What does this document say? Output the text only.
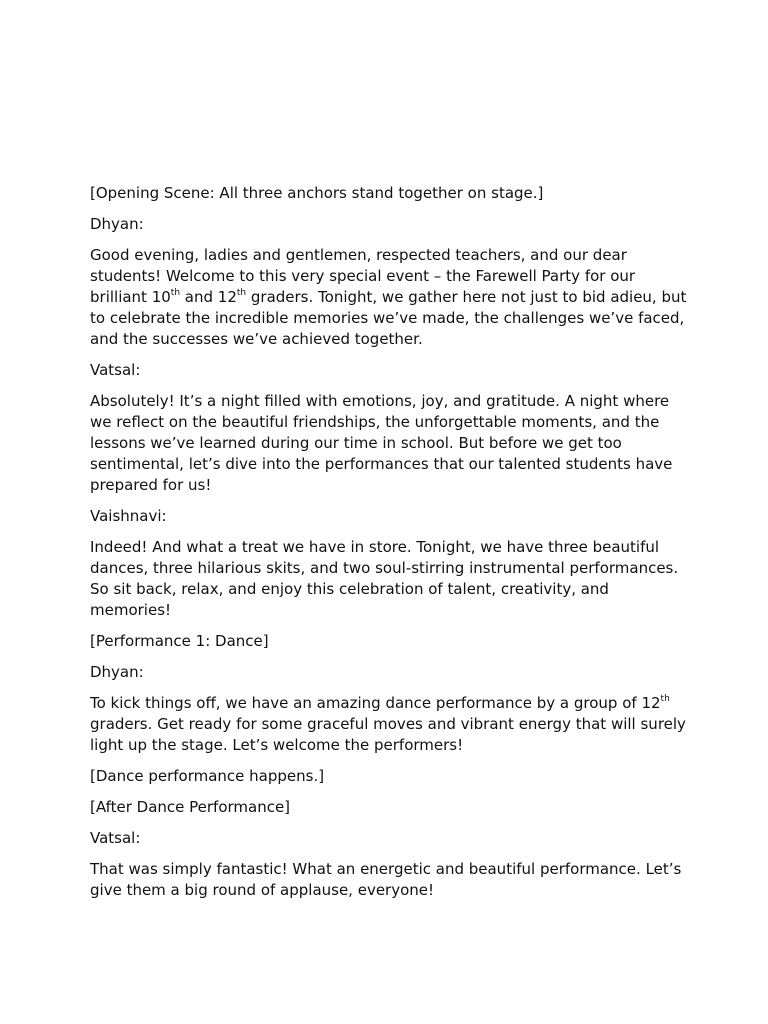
[Opening Scene: All three anchors stand together on stage.]

Dhyan:

Good evening, ladies and gentlemen, respected teachers, and our dear students! Welcome to this very special event – the Farewell Party for our brilliant 10th and 12th graders. Tonight, we gather here not just to bid adieu, but to celebrate the incredible memories we’ve made, the challenges we’ve faced, and the successes we’ve achieved together.

Vatsal:

Absolutely! It’s a night filled with emotions, joy, and gratitude. A night where we reflect on the beautiful friendships, the unforgettable moments, and the lessons we’ve learned during our time in school. But before we get too sentimental, let’s dive into the performances that our talented students have prepared for us!

Vaishnavi:

Indeed! And what a treat we have in store. Tonight, we have three beautiful dances, three hilarious skits, and two soul-stirring instrumental performances. So sit back, relax, and enjoy this celebration of talent, creativity, and memories!

[Performance 1: Dance]

Dhyan:

To kick things off, we have an amazing dance performance by a group of 12th graders. Get ready for some graceful moves and vibrant energy that will surely light up the stage. Let’s welcome the performers!

[Dance performance happens.]

[After Dance Performance]

Vatsal:

That was simply fantastic! What an energetic and beautiful performance. Let’s give them a big round of applause, everyone!
